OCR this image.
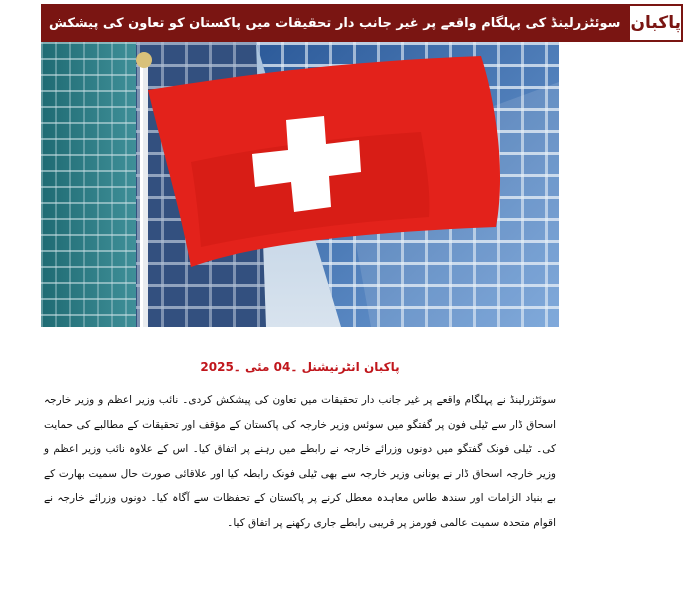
سوئٹزرلینڈ کی پہلگام واقعے پر غیر جانب دار تحقیقات میں پاکستان کو تعاون کی پیشکش پاکبان
پاکبان انٹرنیشنل ۔04 مئی ۔2025

سوئٹزرلینڈ نے پہلگام واقعے پر غیر جانب دار تحقیقات میں تعاون کی پیشکش کردی۔ نائب وزیر اعظم و وزیر خارجہ اسحاق ڈار سے ٹیلی فون پر گفتگو میں سوئس وزیر خارجہ کی پاکستان کے مؤقف اور تحقیقات کے مطالبے کی حمایت کی۔ ٹیلی فونک گفتگو میں دونوں وزرائے خارجہ نے رابطے میں رہنے پر اتفاق کیا۔ اس کے علاوہ نائب وزیر اعظم و وزیر خارجہ اسحاق ڈار نے یونانی وزیر خارجہ سے بھی ٹیلی فونک رابطہ کیا اور علاقائی صورت حال سمیت بھارت کے بے بنیاد الزامات اور سندھ طاس معاہدہ معطل کرنے پر پاکستان کے تحفظات سے آگاہ کیا۔ دونوں وزرائے خارجہ نے اقوام متحدہ سمیت عالمی فورمز پر قریبی رابطے جاری رکھنے پر اتفاق کیا۔
